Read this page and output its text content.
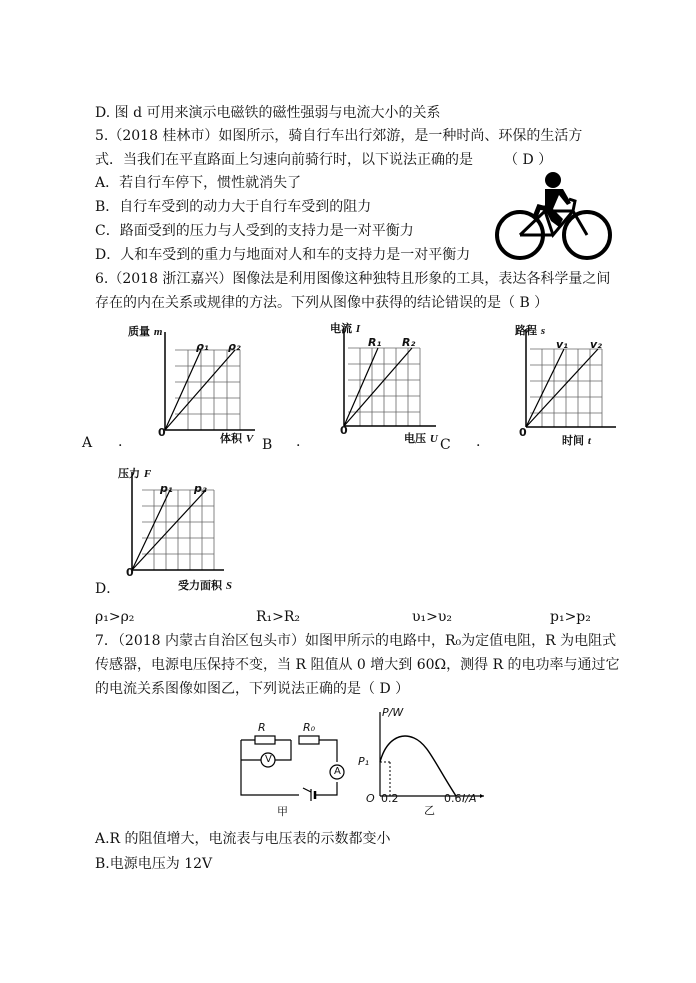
D. 图 d 可用来演示电磁铁的磁性强弱与电流大小的关系
5.（2018 桂林市）如图所示，骑自行车出行郊游，是一种时尚、环保的生活方
式．当我们在平直路面上匀速向前骑行时，以下说法正确的是 （ D ）
A．若自行车停下，惯性就消失了
B．自行车受到的动力大于自行车受到的阻力
C．路面受到的压力与人受到的支持力是一对平衡力
D．人和车受到的重力与地面对人和车的支持力是一对平衡力
6.（2018 浙江嘉兴）图像法是利用图像这种独特且形象的工具，表达各科学量之间
存在的内在关系或规律的方法。下列从图像中获得的结论错误的是（ B ）
质量 m
体积 V
ρ₁ ρ₂
0
电流 I
电压 U
R₁ R₂
0
路程 s
时间 t
v₁ v₂
0
A .	B .	C .
压力 F
受力面积 S
p₁ p₂
0
D．
ρ₁>ρ₂	R₁>R₂	υ₁>υ₂	p₁>p₂
7．（2018 内蒙古自治区包头市）如图甲所示的电路中，R₀为定值电阻，R 为电阻式
传感器，电源电压保持不变，当 R 阻值从 0 增大到 60Ω，测得 R 的电功率与通过它
的电流关系图像如图乙，下列说法正确的是（ D ）
R	R₀
V
A
甲
P/W
P₁
O 0.2	0.6 I/A
乙
A.R 的阻值增大，电流表与电压表的示数都变小
B.电源电压为 12V
